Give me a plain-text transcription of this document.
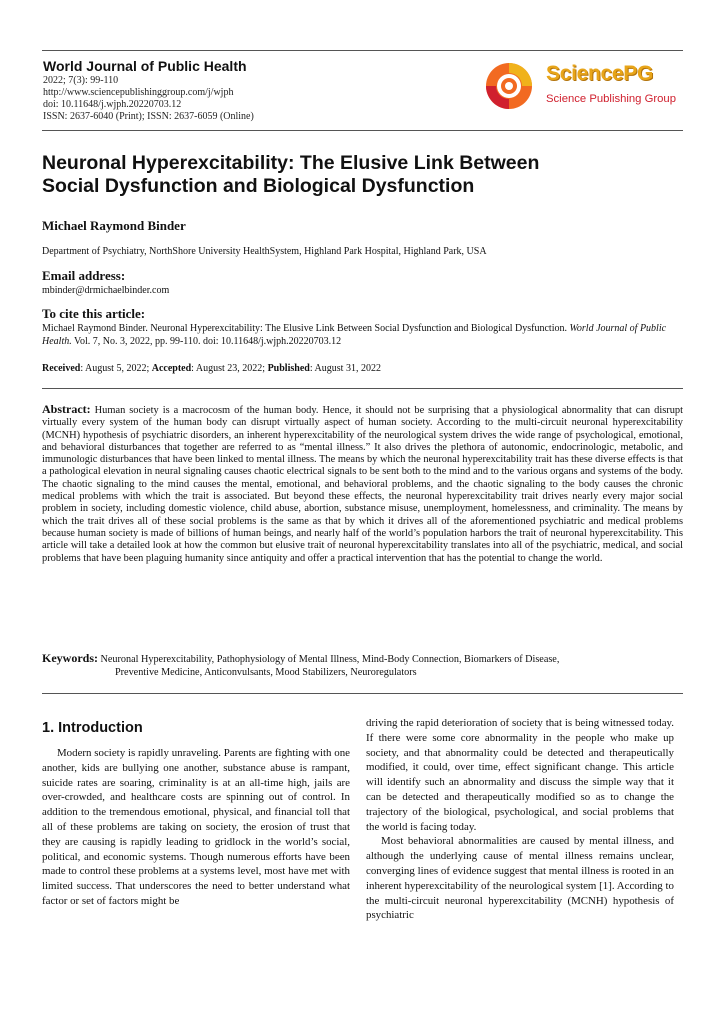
World Journal of Public Health
2022; 7(3): 99-110
http://www.sciencepublishinggroup.com/j/wjph
doi: 10.11648/j.wjph.20220703.12
ISSN: 2637-6040 (Print); ISSN: 2637-6059 (Online)
SciencePG
Science Publishing Group
Neuronal Hyperexcitability: The Elusive Link Between
Social Dysfunction and Biological Dysfunction
Michael Raymond Binder
Department of Psychiatry, NorthShore University HealthSystem, Highland Park Hospital, Highland Park, USA
Email address:
mbinder@drmichaelbinder.com
To cite this article:
Michael Raymond Binder. Neuronal Hyperexcitability: The Elusive Link Between Social Dysfunction and Biological Dysfunction. World Journal of Public Health. Vol. 7, No. 3, 2022, pp. 99-110. doi: 10.11648/j.wjph.20220703.12
Received: August 5, 2022; Accepted: August 23, 2022; Published: August 31, 2022

Abstract: Human society is a macrocosm of the human body. Hence, it should not be surprising that a physiological abnormality that can disrupt virtually every system of the human body can disrupt virtually aspect of human society. According to the multi-circuit neuronal hyperexcitability (MCNH) hypothesis of psychiatric disorders, an inherent hyperexcitability of the neurological system drives the wide range of psychological, emotional, and behavioral disturbances that together are referred to as “mental illness.” It also drives the plethora of autonomic, endocrinologic, metabolic, and immunologic disturbances that have been linked to mental illness. The means by which the neuronal hyperexcitability trait has these diverse effects is that a pathological elevation in neural signaling causes chaotic electrical signals to be sent both to the mind and to the various organs and systems of the body. The chaotic signaling to the mind causes the mental, emotional, and behavioral problems, and the chaotic signaling to the body causes the chronic medical problems with which the trait is associated. But beyond these effects, the neuronal hyperexcitability trait drives nearly every major social problem in society, including domestic violence, child abuse, abortion, substance misuse, unemployment, homelessness, and criminality. The means by which the trait drives all of these social problems is the same as that by which it drives all of the aforementioned psychiatric and medical problems because human society is made of billions of human beings, and nearly half of the world’s population harbors the trait of neuronal hyperexcitability. This article will take a detailed look at how the common but elusive trait of neuronal hyperexcitability translates into all of the psychiatric, medical, and social problems that have been plaguing humanity since antiquity and offer a practical intervention that has the potential to change the world.

Keywords: Neuronal Hyperexcitability, Pathophysiology of Mental Illness, Mind-Body Connection, Biomarkers of Disease,
Preventive Medicine, Anticonvulsants, Mood Stabilizers, Neuroregulators

1. Introduction

Modern society is rapidly unraveling. Parents are fighting with one another, kids are bullying one another, substance abuse is rampant, suicide rates are soaring, criminality is at an all-time high, jails are over-crowded, and healthcare costs are spinning out of control. In addition to the tremendous emotional, physical, and financial toll that all of these problems are taking on society, the erosion of trust that they are causing is rapidly leading to gridlock in the world’s social, political, and economic systems. Though numerous efforts have been made to control these problems at a systems level, most have met with limited success. That underscores the need to better understand what factor or set of factors might be

driving the rapid deterioration of society that is being witnessed today. If there were some core abnormality in the people who make up society, and that abnormality could be detected and therapeutically modified, it could, over time, effect significant change. This article will identify such an abnormality and discuss the simple way that it can be detected and therapeutically modified so as to change the trajectory of the biological, psychological, and social problems that the world is facing today.

Most behavioral abnormalities are caused by mental illness, and although the underlying cause of mental illness remains unclear, converging lines of evidence suggest that mental illness is rooted in an inherent hyperexcitability of the neurological system [1]. According to the multi-circuit neuronal hyperexcitability (MCNH) hypothesis of psychiatric
